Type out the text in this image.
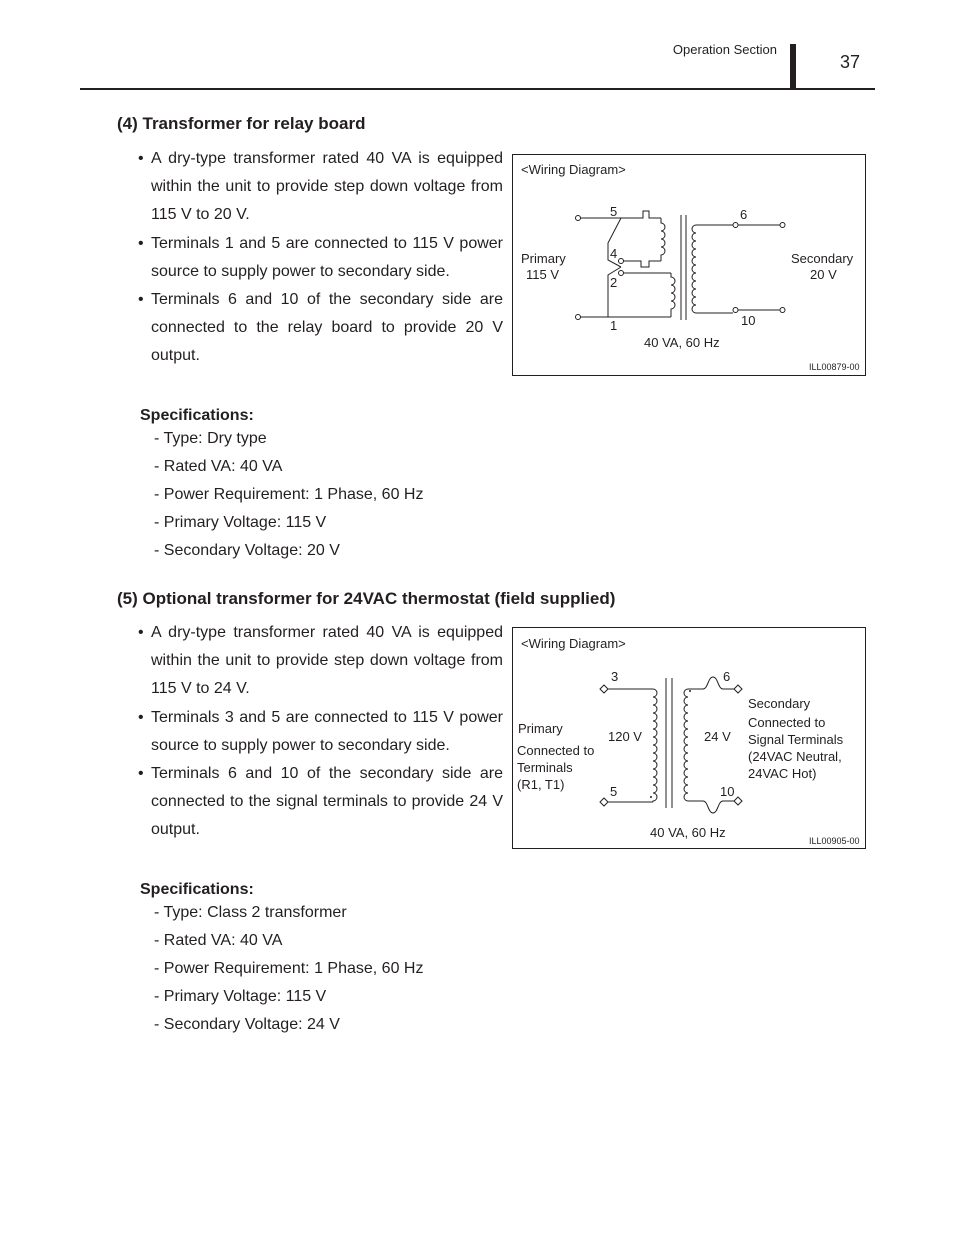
Operation Section
37
(4) Transformer for relay board
• A dry-type transformer rated 40 VA is equipped within the unit to provide step down voltage from 115 V to 20 V.
• Terminals 1 and 5 are connected to 115 V power source to supply power to secondary side.
• Terminals 6 and 10 of the secondary side are connected to the relay board to provide 20 V output.
Specifications:
- Type: Dry type
- Rated VA: 40 VA
- Power Requirement: 1 Phase, 60 Hz
- Primary Voltage: 115 V
- Secondary Voltage: 20 V
<Wiring Diagram>
5
4
2
1
6
10
Primary
115 V
Secondary
20 V
40 VA, 60 Hz
ILL00879-00
(5) Optional transformer for 24VAC thermostat (field supplied)
• A dry-type transformer rated 40 VA is equipped within the unit to provide step down voltage from 115 V to 24 V.
• Terminals 3 and 5 are connected to 115 V power source to supply power to secondary side.
• Terminals 6 and 10 of the secondary side are connected to the signal terminals to provide 24 V output.
Specifications:
- Type: Class 2 transformer
- Rated VA: 40 VA
- Power Requirement: 1 Phase, 60 Hz
- Primary Voltage: 115 V
- Secondary Voltage: 24 V
<Wiring Diagram>
3
5
6
10
120 V	24 V
Primary
Connected to
Terminals
(R1, T1)
Secondary
Connected to
Signal Terminals
(24VAC Neutral,
24VAC Hot)
40 VA, 60 Hz
ILL00905-00
